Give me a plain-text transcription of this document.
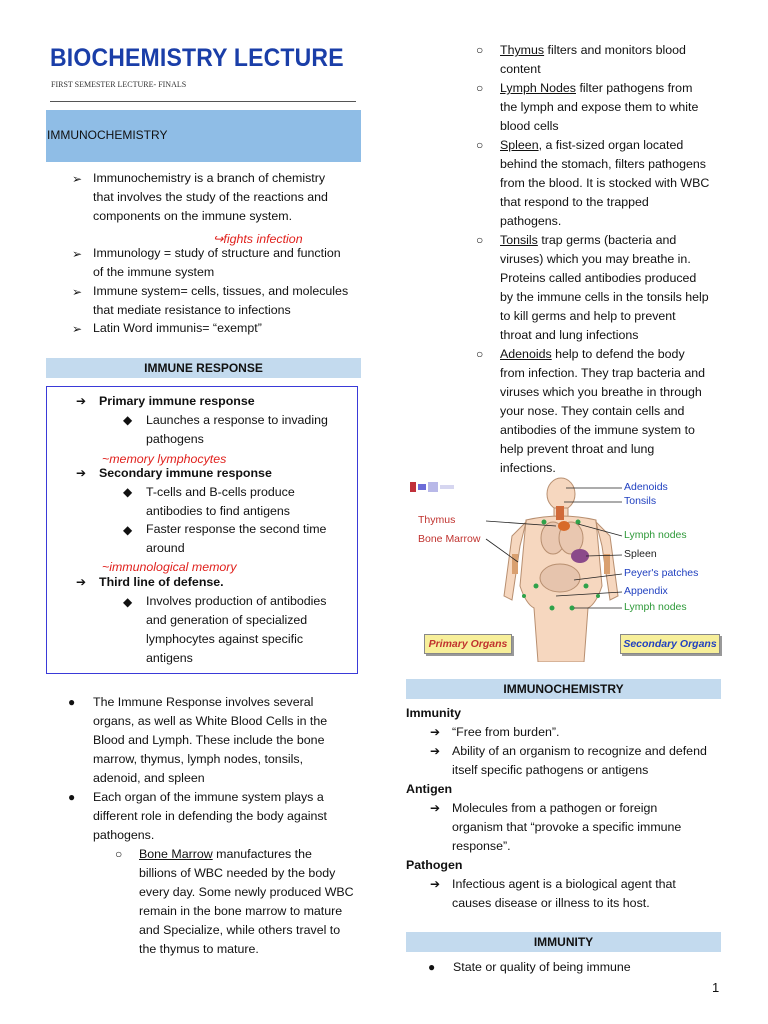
BIOCHEMISTRY LECTURE
FIRST SEMESTER LECTURE- FINALS
IMMUNOCHEMISTRY
➢ Immunochemistry is a branch of chemistry
that involves the study of the reactions and
components on the immune system.
↪fights infection
➢ Immunology = study of structure and function
of the immune system
➢ Immune system= cells, tissues, and molecules
that mediate resistance to infections
➢ Latin Word immunis= “exempt”
IMMUNE RESPONSE
➔ Primary immune response
◆ Launches a response to invading
pathogens
~memory lymphocytes
➔ Secondary immune response
◆ T-cells and B-cells produce
antibodies to find antigens
◆ Faster response the second time
around
~immunological memory
➔ Third line of defense.
◆ Involves production of antibodies
and generation of specialized
lymphocytes against specific
antigens
● The Immune Response involves several
organs, as well as White Blood Cells in the
Blood and Lymph. These include the bone
marrow, thymus, lymph nodes, tonsils,
adenoid, and spleen
● Each organ of the immune system plays a
different role in defending the body against
pathogens.
○ Bone Marrow manufactures the
billions of WBC needed by the body
every day. Some newly produced WBC
remain in the bone marrow to mature
and Specialize, while others travel to
the thymus to mature.
○ Thymus filters and monitors blood
content
○ Lymph Nodes filter pathogens from
the lymph and expose them to white
blood cells
○ Spleen, a fist-sized organ located
behind the stomach, filters pathogens
from the blood. It is stocked with WBC
that respond to the trapped
pathogens.
○ Tonsils trap germs (bacteria and
viruses) which you may breathe in.
Proteins called antibodies produced
by the immune cells in the tonsils help
to kill germs and help to prevent
throat and lung infections
○ Adenoids help to defend the body
from infection. They trap bacteria and
viruses which you breathe in through
your nose. They contain cells and
antibodies of the immune system to
help prevent throat and lung
infections.
Thymus
Bone Marrow
Adenoids
Tonsils
Lymph nodes
Spleen
Peyer's patches
Appendix
Lymph nodes
Primary Organs	Secondary Organs
IMMUNOCHEMISTRY
Immunity
➔ “Free from burden”.
➔ Ability of an organism to recognize and defend
itself specific pathogens or antigens
Antigen
➔ Molecules from a pathogen or foreign
organism that “provoke a specific immune
response”.
Pathogen
➔ Infectious agent is a biological agent that
causes disease or illness to its host.
IMMUNITY
● State or quality of being immune
1
